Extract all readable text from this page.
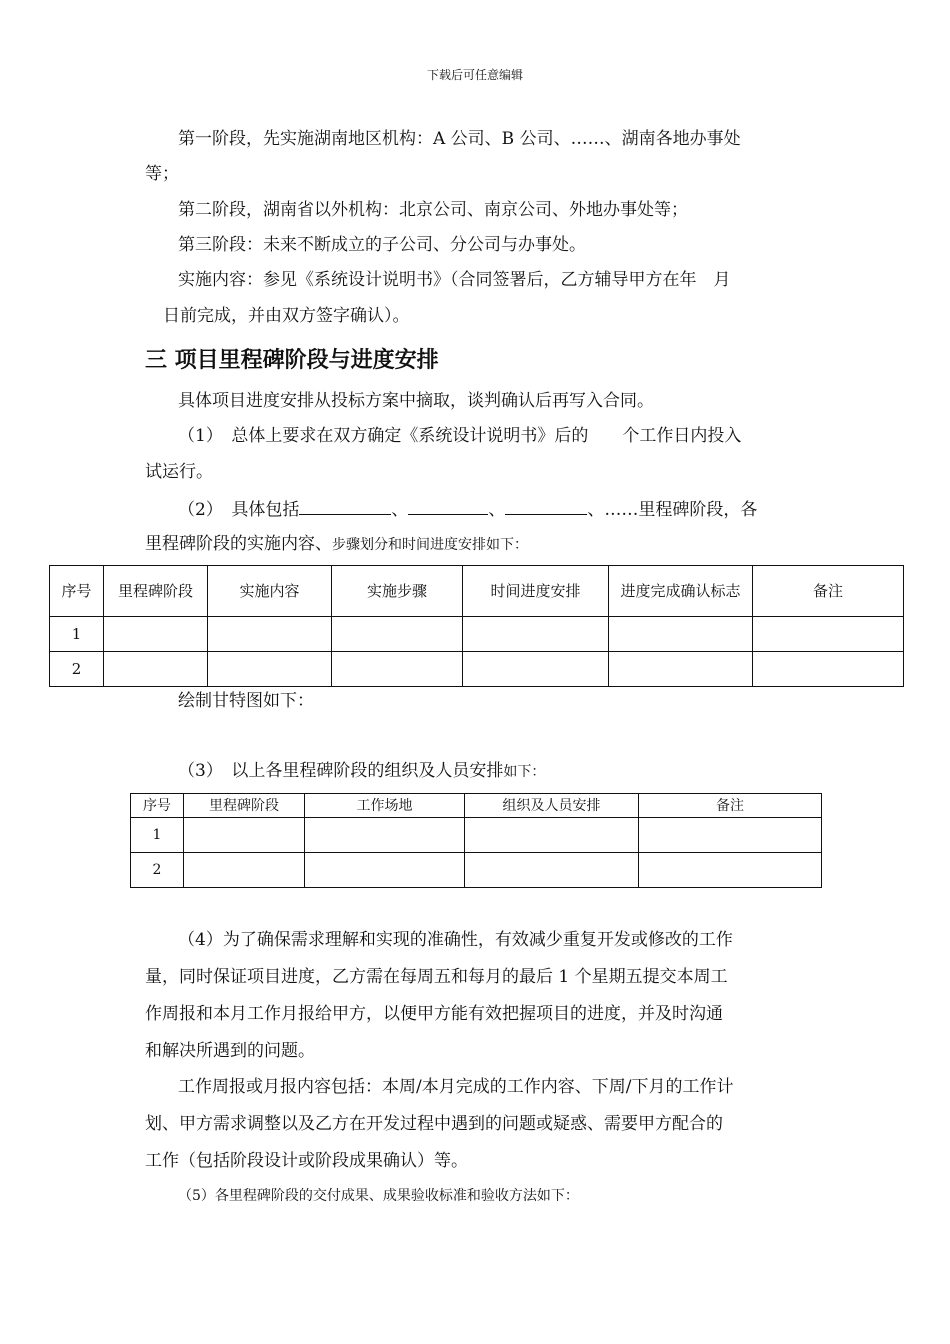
下载后可任意编辑
第一阶段，先实施湖南地区机构：A 公司、B 公司、……、湖南各地办事处
等；
第二阶段，湖南省以外机构：北京公司、南京公司、外地办事处等；
第三阶段：未来不断成立的子公司、分公司与办事处。
实施内容：参见《系统设计说明书》（合同签署后，乙方辅导甲方在年　月
日前完成，并由双方签字确认）。
三 项目里程碑阶段与进度安排
具体项目进度安排从投标方案中摘取，谈判确认后再写入合同。
（1）　总体上要求在双方确定《系统设计说明书》后的　　个工作日内投入
试运行。
（2）　具体包括	、	、	、……里程碑阶段，各
里程碑阶段的实施内容、步骤划分和时间进度安排如下：
序号	里程碑阶段	实施内容	实施步骤	时间进度安排	进度完成确认标志	备注
1						
2						
绘制甘特图如下：
（3）　以上各里程碑阶段的组织及人员安排如下：
序号	里程碑阶段	工作场地	组织及人员安排	备注
1				
2				
（4）为了确保需求理解和实现的准确性，有效减少重复开发或修改的工作
量，同时保证项目进度，乙方需在每周五和每月的最后 1 个星期五提交本周工
作周报和本月工作月报给甲方，以便甲方能有效把握项目的进度，并及时沟通
和解决所遇到的问题。
工作周报或月报内容包括：本周/本月完成的工作内容、下周/下月的工作计
划、甲方需求调整以及乙方在开发过程中遇到的问题或疑惑、需要甲方配合的
工作（包括阶段设计或阶段成果确认）等。
（5）各里程碑阶段的交付成果、成果验收标准和验收方法如下：
